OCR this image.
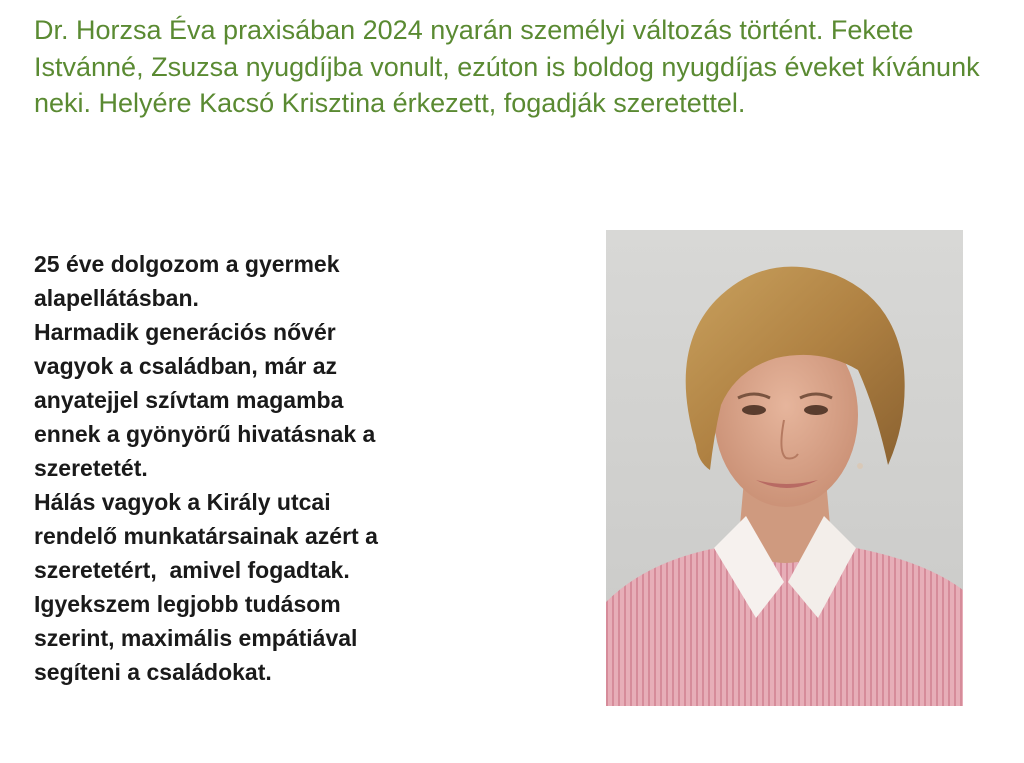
Dr. Horzsa Éva praxisában 2024 nyarán személyi változás történt. Fekete Istvánné, Zsuzsa nyugdíjba vonult, ezúton is boldog nyugdíjas éveket kívánunk neki. Helyére Kacsó Krisztina érkezett, fogadják szeretettel.

25 éve dolgozom a gyermek
alapellátásban.
Harmadik generációs nővér
vagyok a családban, már az
anyatejjel szívtam magamba
ennek a gyönyörű hivatásnak a
szeretetét.
Hálás vagyok a Király utcai
rendelő munkatársainak azért a
szeretetért,  amivel fogadtak.
Igyekszem legjobb tudásom
szerint, maximális empátiával
segíteni a családokat.
